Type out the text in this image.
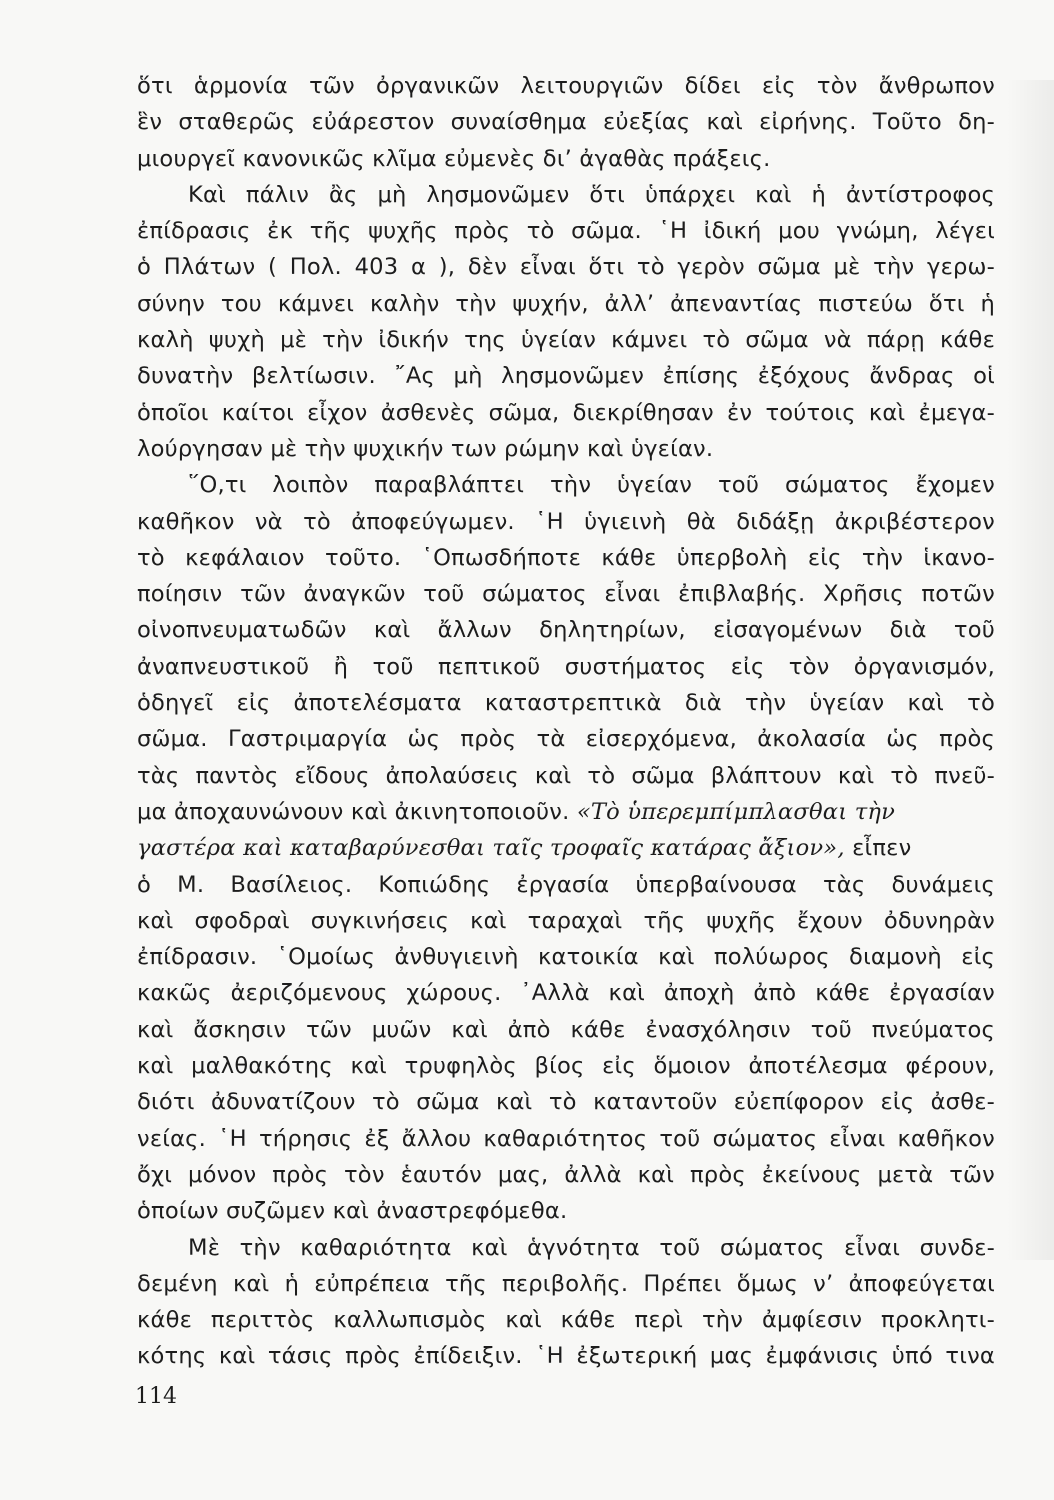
ὅτι ἁρμονία τῶν ὀργανικῶν λειτουργιῶν δίδει εἰς τὸν ἄνθρωπον
ἓν σταθερῶς εὐάρεστον συναίσθημα εὐεξίας καὶ εἰρήνης. Τοῦτο δη-
μιουργεῖ κανονικῶς κλῖμα εὐμενὲς δι’ ἀγαθὰς πράξεις.
Καὶ πάλιν ἂς μὴ λησμονῶμεν ὅτι ὑπάρχει καὶ ἡ ἀντίστροφος
ἐπίδρασις ἐκ τῆς ψυχῆς πρὸς τὸ σῶμα. ῾Η ἰδική μου γνώμη, λέγει
ὁ Πλάτων ( Πολ. 403 α ), δὲν εἶναι ὅτι τὸ γερὸν σῶμα μὲ τὴν γερω-
σύνην του κάμνει καλὴν τὴν ψυχήν, ἀλλ’ ἀπεναντίας πιστεύω ὅτι ἡ
καλὴ ψυχὴ μὲ τὴν ἰδικήν της ὑγείαν κάμνει τὸ σῶμα νὰ πάρῃ κάθε
δυνατὴν βελτίωσιν. ῎Ας μὴ λησμονῶμεν ἐπίσης ἐξόχους ἄνδρας οἱ
ὁποῖοι καίτοι εἶχον ἀσθενὲς σῶμα, διεκρίθησαν ἐν τούτοις καὶ ἐμεγα-
λούργησαν μὲ τὴν ψυχικήν των ρώμην καὶ ὑγείαν.
῞Ο,τι λοιπὸν παραβλάπτει τὴν ὑγείαν τοῦ σώματος ἔχομεν
καθῆκον νὰ τὸ ἀποφεύγωμεν. ῾Η ὑγιεινὴ θὰ διδάξῃ ἀκριβέστερον
τὸ κεφάλαιον τοῦτο. ῾Οπωσδήποτε κάθε ὑπερβολὴ εἰς τὴν ἱκανο-
ποίησιν τῶν ἀναγκῶν τοῦ σώματος εἶναι ἐπιβλαβής. Χρῆσις ποτῶν
οἰνοπνευματωδῶν καὶ ἄλλων δηλητηρίων, εἰσαγομένων διὰ τοῦ
ἀναπνευστικοῦ ἢ τοῦ πεπτικοῦ συστήματος εἰς τὸν ὀργανισμόν,
ὁδηγεῖ εἰς ἀποτελέσματα καταστρεπτικὰ διὰ τὴν ὑγείαν καὶ τὸ
σῶμα. Γαστριμαργία ὡς πρὸς τὰ εἰσερχόμενα, ἀκολασία ὡς πρὸς
τὰς παντὸς εἴδους ἀπολαύσεις καὶ τὸ σῶμα βλάπτουν καὶ τὸ πνεῦ-
μα ἀποχαυνώνουν καὶ ἀκινητοποιοῦν. «Τὸ ὑπερεμπίμπλασθαι τὴν
γαστέρα καὶ καταβαρύνεσθαι ταῖς τροφαῖς κατάρας ἄξιον», εἶπεν
ὁ Μ. Βασίλειος. Κοπιώδης ἐργασία ὑπερβαίνουσα τὰς δυνάμεις
καὶ σφοδραὶ συγκινήσεις καὶ ταραχαὶ τῆς ψυχῆς ἔχουν ὀδυνηρὰν
ἐπίδρασιν. ῾Ομοίως ἀνθυγιεινὴ κατοικία καὶ πολύωρος διαμονὴ εἰς
κακῶς ἀεριζόμενους χώρους. ᾿Αλλὰ καὶ ἀποχὴ ἀπὸ κάθε ἐργασίαν
καὶ ἄσκησιν τῶν μυῶν καὶ ἀπὸ κάθε ἐνασχόλησιν τοῦ πνεύματος
καὶ μαλθακότης καὶ τρυφηλὸς βίος εἰς ὅμοιον ἀποτέλεσμα φέρουν,
διότι ἀδυνατίζουν τὸ σῶμα καὶ τὸ καταντοῦν εὐεπίφορον εἰς ἀσθε-
νείας. ῾Η τήρησις ἐξ ἄλλου καθαριότητος τοῦ σώματος εἶναι καθῆκον
ὄχι μόνον πρὸς τὸν ἑαυτόν μας, ἀλλὰ καὶ πρὸς ἐκείνους μετὰ τῶν
ὁποίων συζῶμεν καὶ ἀναστρεφόμεθα.
Μὲ τὴν καθαριότητα καὶ ἁγνότητα τοῦ σώματος εἶναι συνδε-
δεμένη καὶ ἡ εὐπρέπεια τῆς περιβολῆς. Πρέπει ὅμως ν’ ἀποφεύγεται
κάθε περιττὸς καλλωπισμὸς καὶ κάθε περὶ τὴν ἀμφίεσιν προκλητι-
κότης καὶ τάσις πρὸς ἐπίδειξιν. ῾Η ἐξωτερική μας ἐμφάνισις ὑπό τινα
114
